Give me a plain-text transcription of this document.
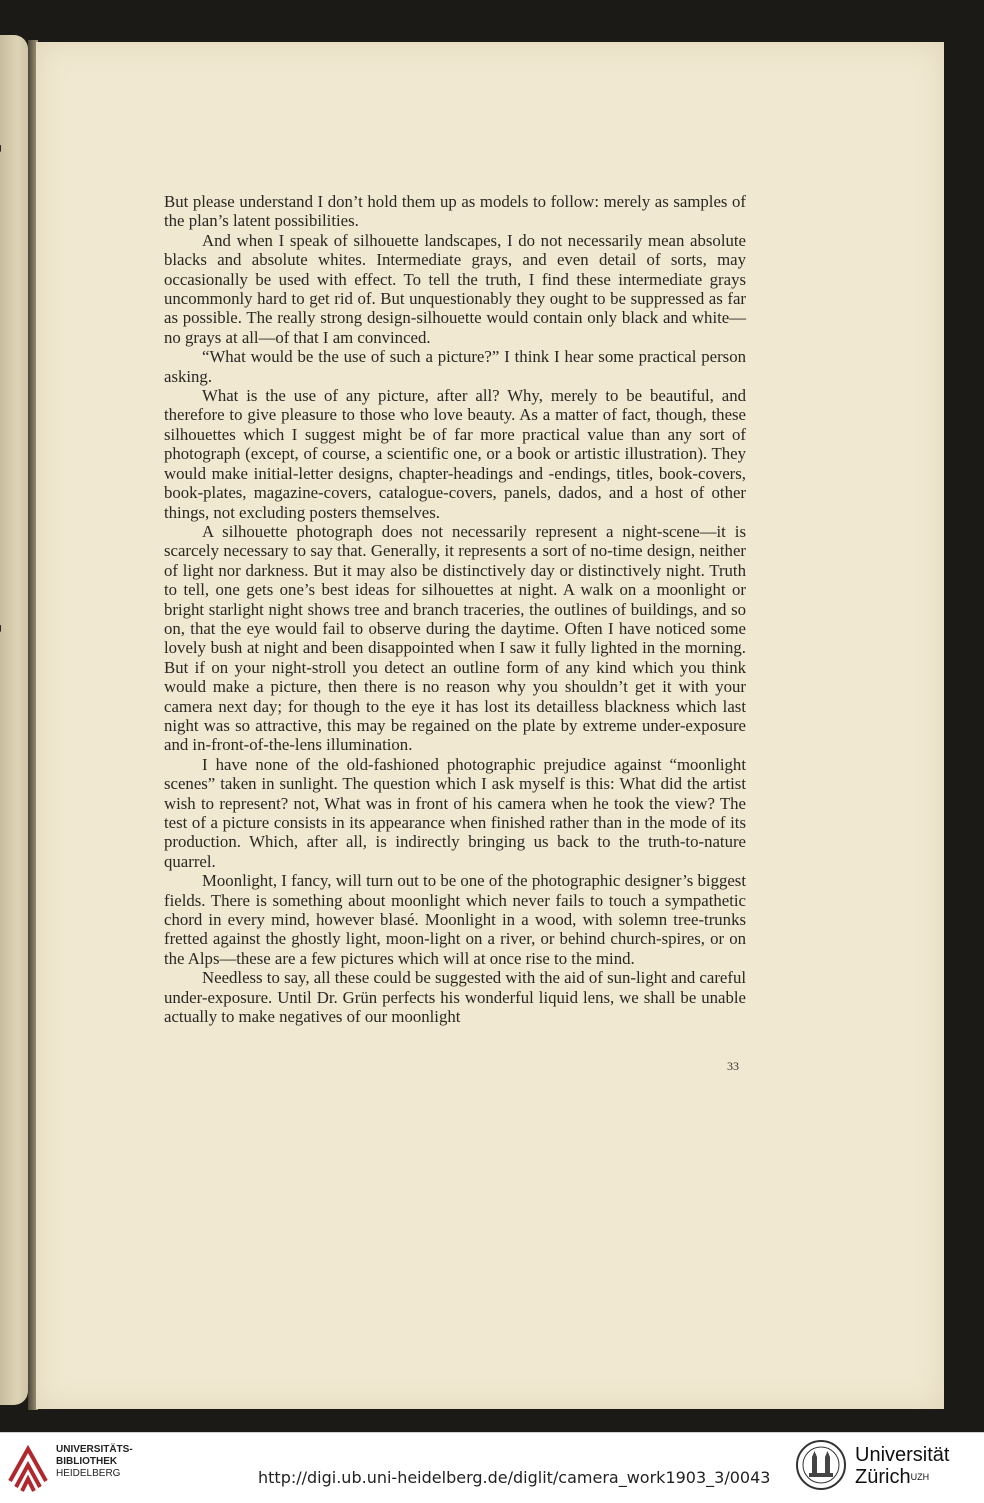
But please understand I don’t hold them up as models to follow: merely as samples of the plan’s latent possibilities.

And when I speak of silhouette landscapes, I do not necessarily mean absolute blacks and absolute whites. Intermediate grays, and even detail of sorts, may occasionally be used with effect. To tell the truth, I find these intermediate grays uncommonly hard to get rid of. But unquestionably they ought to be suppressed as far as possible. The really strong design-silhouette would contain only black and white—no grays at all—of that I am convinced.

“What would be the use of such a picture?” I think I hear some practical person asking.

What is the use of any picture, after all? Why, merely to be beautiful, and therefore to give pleasure to those who love beauty. As a matter of fact, though, these silhouettes which I suggest might be of far more practical value than any sort of photograph (except, of course, a scientific one, or a book or artistic illustration). They would make initial-letter designs, chapter-headings and -endings, titles, book-covers, book-plates, magazine-covers, catalogue-covers, panels, dados, and a host of other things, not excluding posters themselves.

A silhouette photograph does not necessarily represent a night-scene—it is scarcely necessary to say that. Generally, it represents a sort of no-time design, neither of light nor darkness. But it may also be distinctively day or distinctively night. Truth to tell, one gets one’s best ideas for silhouettes at night. A walk on a moonlight or bright starlight night shows tree and branch traceries, the outlines of buildings, and so on, that the eye would fail to observe during the daytime. Often I have noticed some lovely bush at night and been disappointed when I saw it fully lighted in the morning. But if on your night-stroll you detect an outline form of any kind which you think would make a picture, then there is no reason why you shouldn’t get it with your camera next day; for though to the eye it has lost its detailless blackness which last night was so attractive, this may be regained on the plate by extreme under-exposure and in-front-of-the-lens illumination.

I have none of the old-fashioned photographic prejudice against “moonlight scenes” taken in sunlight. The question which I ask myself is this: What did the artist wish to represent? not, What was in front of his camera when he took the view? The test of a picture consists in its appearance when finished rather than in the mode of its production. Which, after all, is indirectly bringing us back to the truth-to-nature quarrel.

Moonlight, I fancy, will turn out to be one of the photographic designer’s biggest fields. There is something about moonlight which never fails to touch a sympathetic chord in every mind, however blasé. Moonlight in a wood, with solemn tree-trunks fretted against the ghostly light, moon-light on a river, or behind church-spires, or on the Alps—these are a few pictures which will at once rise to the mind.

Needless to say, all these could be suggested with the aid of sun-light and careful under-exposure. Until Dr. Grün perfects his wonderful liquid lens, we shall be unable actually to make negatives of our moonlight

33
UNIVERSITÄTS-
BIBLIOTHEK
HEIDELBERG	http://digi.ub.uni-heidelberg.de/diglit/camera_work1903_3/0043
Universität
Zürich$^{UZH}$
